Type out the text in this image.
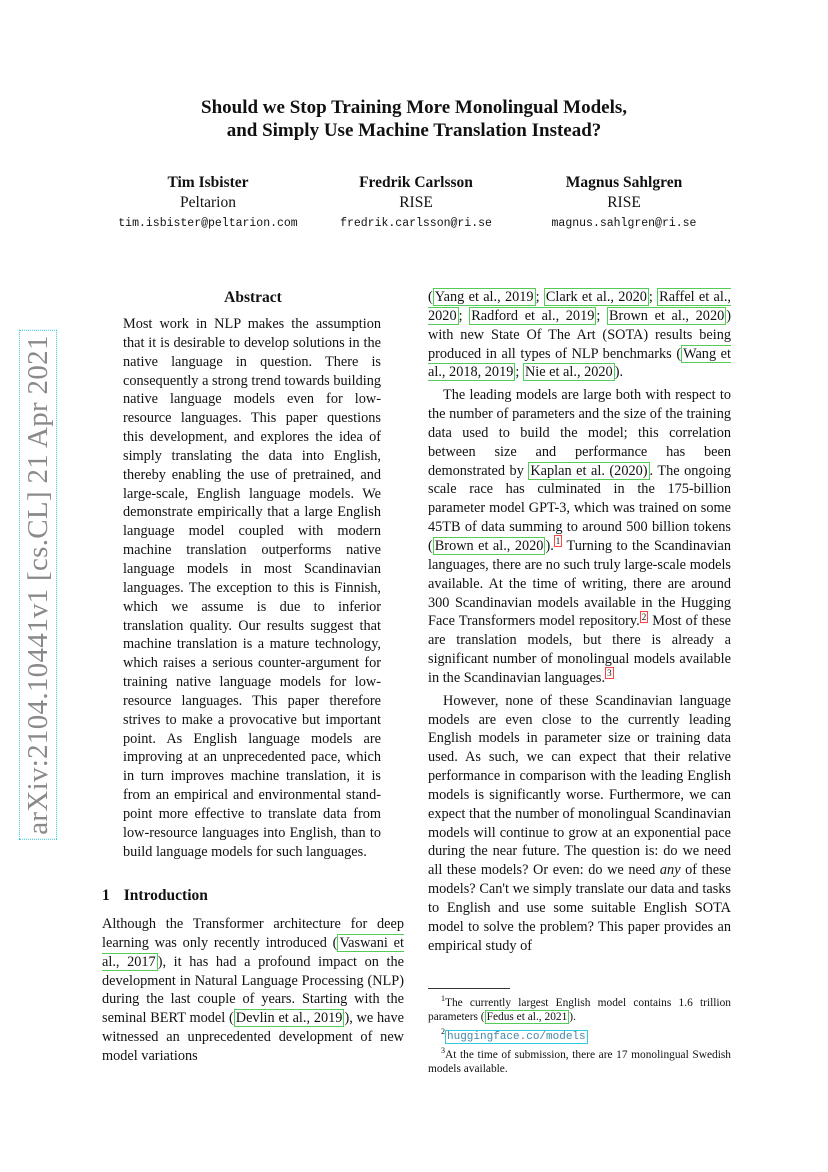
Should we Stop Training More Monolingual Models,
and Simply Use Machine Translation Instead?
Tim Isbister
Peltarion
tim.isbister@peltarion.com
Fredrik Carlsson
RISE
fredrik.carlsson@ri.se
Magnus Sahlgren
RISE
magnus.sahlgren@ri.se
arXiv:2104.10441v1 [cs.CL] 21 Apr 2021
Abstract
Most work in NLP makes the assumption that it is desirable to develop solutions in the native language in question. There is consequently a strong trend towards building native language models even for low-resource languages. This paper questions this development, and explores the idea of simply translating the data into English, thereby enabling the use of pretrained, and large-scale, English language models. We demonstrate empirically that a large English language model coupled with modern machine translation outperforms native language models in most Scandinavian languages. The exception to this is Finnish, which we assume is due to inferior translation quality. Our results suggest that machine translation is a mature technology, which raises a serious counter-argument for training native language models for low-resource languages. This paper therefore strives to make a provocative but important point. As English language models are improving at an unprecedented pace, which in turn improves machine translation, it is from an empirical and environmental stand-point more effective to translate data from low-resource languages into English, than to build language models for such languages.
1 Introduction
Although the Transformer architecture for deep learning was only recently introduced ( Vaswani et al., 2017 ), it has had a profound impact on the development in Natural Language Processing (NLP) during the last couple of years. Starting with the seminal BERT model ( Devlin et al., 2019 ), we have witnessed an unprecedented development of new model variations

( Yang et al., 2019 ; Clark et al., 2020 ; Raffel et al., 2020 ; Radford et al., 2019 ; Brown et al., 2020 ) with new State Of The Art (SOTA) results being produced in all types of NLP benchmarks ( Wang et al., 2018, 2019 ; Nie et al., 2020 ).

The leading models are large both with respect to the number of parameters and the size of the training data used to build the model; this correlation between size and performance has been demonstrated by Kaplan et al. (2020) . The ongoing scale race has culminated in the 175-billion parameter model GPT-3, which was trained on some 45TB of data summing to around 500 billion tokens ( Brown et al., 2020 ). $^1$ Turning to the Scandinavian languages, there are no such truly large-scale models available. At the time of writing, there are around 300 Scandinavian models available in the Hugging Face Transformers model repository. $^2$ Most of these are translation models, but there is already a significant number of monolingual models available in the Scandinavian languages. $^3$

However, none of these Scandinavian language models are even close to the currently leading English models in parameter size or training data used. As such, we can expect that their relative performance in comparison with the leading English models is significantly worse. Furthermore, we can expect that the number of monolingual Scandinavian models will continue to grow at an exponential pace during the near future. The question is: do we need all these models? Or even: do we need any of these models? Can't we simply translate our data and tasks to English and use some suitable English SOTA model to solve the problem? This paper provides an empirical study of

$^1$The currently largest English model contains 1.6 trillion parameters ( Fedus et al., 2021 ).

$^2$ huggingface.co/models

$^3$At the time of submission, there are 17 monolingual Swedish models available.
